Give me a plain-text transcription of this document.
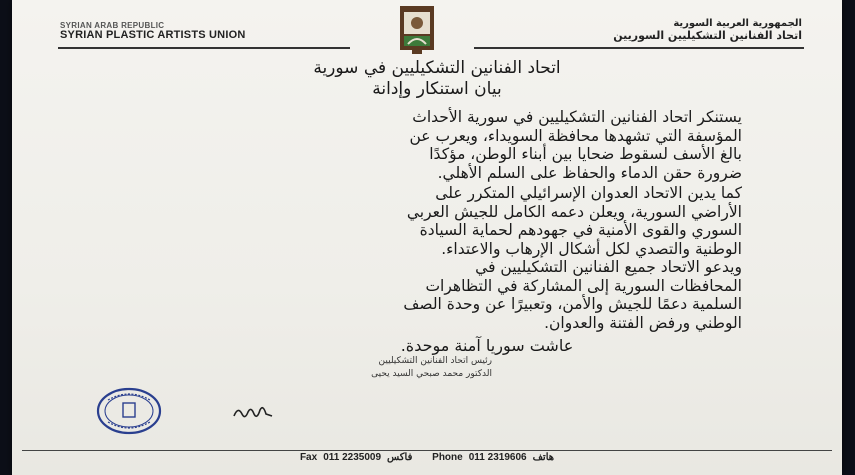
SYRIAN ARAB REPUBLIC
SYRIAN PLASTIC ARTISTS UNION
الجمهورية العربية السورية
اتحاد الفنانين التشكيليين السوريين
اتحاد الفنانين التشكيليين في سورية
بيان استنكار وإدانة
يستنكر اتحاد الفنانين التشكيليين في سورية الأحداث
المؤسفة التي تشهدها محافظة السويداء، ويعرب عن
بالغ الأسف لسقوط ضحايا بين أبناء الوطن، مؤكدًا
ضرورة حقن الدماء والحفاظ على السلم الأهلي.
كما يدين الاتحاد العدوان الإسرائيلي المتكرر على
الأراضي السورية، ويعلن دعمه الكامل للجيش العربي
السوري والقوى الأمنية في جهودهم لحماية السيادة
الوطنية والتصدي لكل أشكال الإرهاب والاعتداء.
ويدعو الاتحاد جميع الفنانين التشكيليين في
المحافظات السورية إلى المشاركة في التظاهرات
السلمية دعمًا للجيش والأمن، وتعبيرًا عن وحدة الصف
الوطني ورفض الفتنة والعدوان.
عاشت سوريا آمنة موحدة.
رئيس اتحاد الفنانين التشكيليين
الدكتور محمد صبحي السيد يحيى
Fax 011 2235009 فاكس Phone 011 2319606 هاتف
